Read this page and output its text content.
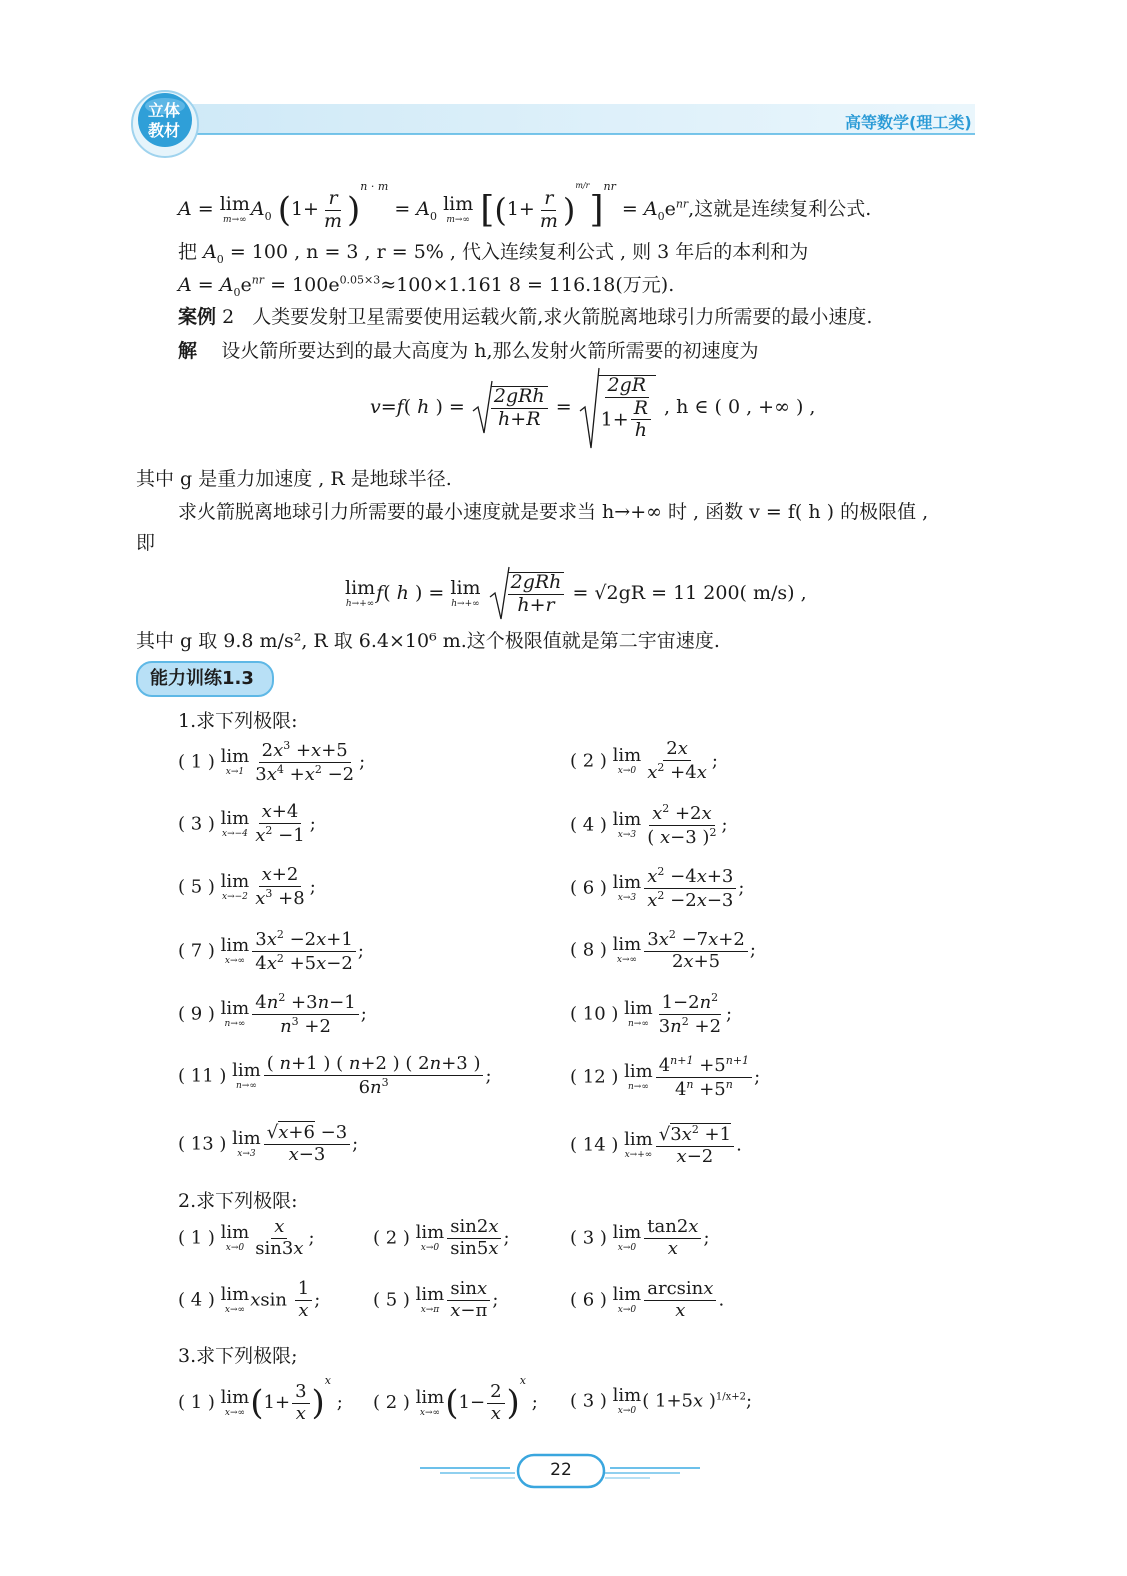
立体
教材	高等数学(理工类)
A = lim
m→∞ $A_0$ $(1+ \frac{r}{m} )^{n \cdot m} = A_0$
lim
m→∞ $[(1+ \frac{r}{m} )^{m/r}]^{nr} = A_0e^{nr}$,这就是连续复利公式.
把 $A_0 = 100$ , n = 3 , r = 5% , 代入连续复利公式 , 则 3 年后的本利和为
$A = A_0e^{nr} = 100e^{0.05\times 3}\approx 100\times 1.161$ 8 = 116.18(万元).
案例 2 人类要发射卫星需要使用运载火箭,求火箭脱离地球引力所需要的最小速度.
解 设火箭所要达到的最大高度为 h,那么发射火箭所需要的初速度为
v=f( h ) = $\frac{\text{2gRh}}{h+R} = \frac{2gR}{1+ \frac{R}{h}}$ , h ∈ ( 0 , +∞ ) ,
其中 g 是重力加速度 , R 是地球半径.
求火箭脱离地球引力所需要的最小速度就是要求当 h→+∞ 时 , 函数 v = f( h ) 的极限值 ,
即
lim
h→+∞ f( h ) = lim
h→+∞
$\frac{\text{2gRh}}{h+r} = √2gR = 11$ 200( m/s) ,
其中 g 取 9.8 m/s², R 取 6.4×10⁶ m.这个极限值就是第二宇宙速度.
能力训练1.3
1.求下列极限:
( 1 ) lim
$x\to 1 \frac{2x^3 +x+5}{3x^4 +x^2 -2}$ ;	( 2 ) lim
$x\to 0 \frac{2x}{x^2 +4x}$ ;
( 3 ) lim
$x\to-4 \frac{x+4}{x^2 -1}$ ;	( 4 ) lim
$x\to 3 \frac{x^2 +2x}{( x-3 )^2}$ ;
( 5 ) lim
$x\to-2 \frac{x+2}{x^3 +8}$ ;	( 6 ) lim
$x\to 3 \frac{x^2 -4x+3}{x^2 -2x-3}$ ;
( 7 ) lim
$x\to\infty \frac{3x^2 -2x+1}{4x^2 +5x-2}$ ;	( 8 ) lim
$x\to\infty \frac{3x^2 -7x+2}{2x+5}$ ;
( 9 ) lim
$n\to\infty \frac{4n^2 +3n-1}{n^3 +2}$ ;	( 10 ) lim
$n\to\infty \frac{1-2n^2}{3n^2 +2}$ ;
( 11 ) lim
$n\to\infty \frac{( n+1 ) ( n+2 ) ( 2n+3 )}{6n^3}$ ;	( 12 ) lim
$n\to\infty \frac{4^{n+1} +5^{n+1}}{4^n +5^n}$ ;
( 13 ) lim
$x\to 3 \frac{√x+6 -3}{x-3}$ ;	( 14 ) lim
$x\to+\infty \frac{√3x^2 +1}{x-2}$ .
2.求下列极限:
( 1 ) lim
$x\to 0 \frac{x}{\sin 3x}$ ;	( 2 ) lim
$x\to 0 \frac{\sin 2x}{\sin 5x}$ ;	( 3 ) lim
$x\to 0 \frac{\tan 2x}{x}$ ;
( 4 ) lim
x→∞ xsin $\frac{1}{x}$ ;	( 5 ) lim
$x\to\pi \frac{\sin x}{x-\pi}$ ;	( 6 ) lim
$x\to 0 \frac{\arcsin x}{x}$ .
3.求下列极限;
( 1 ) lim
x→∞ $(1+ \frac{3}{x} )^x$ ; ( 2 ) lim
x→∞ $(1- \frac{2}{x} )^x$ ; ( 3 ) lim
x→0 ( 1+5x )$^{1/x+2}$;
22
